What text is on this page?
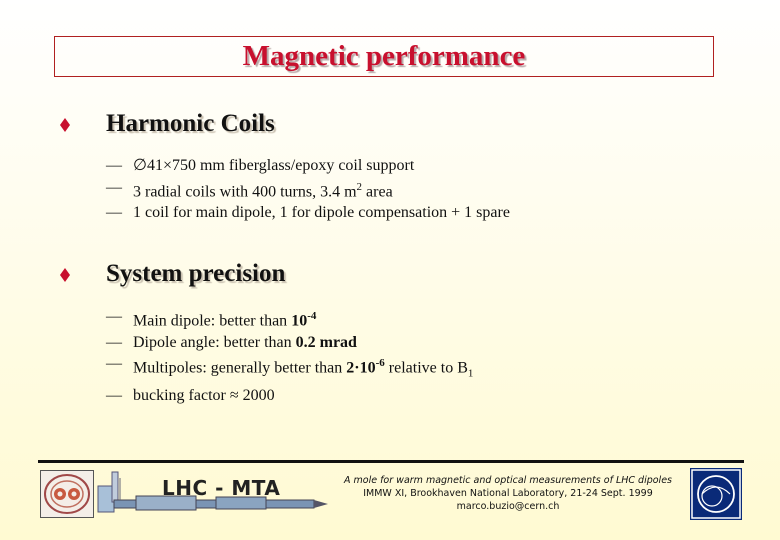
Magnetic performance
Harmonic Coils
— ∅41×750 mm fiberglass/epoxy coil support
— 3 radial coils with 400 turns, 3.4 $m^2$ area
— 1 coil for main dipole, 1 for dipole compensation + 1 spare
System precision
— Main dipole: better than $10^{-4}$
— Dipole angle: better than 0.2 mrad
— Multipoles: generally better than $2\cdot 10^{-6}$ relative to $B_1$
— bucking factor ≈ 2000
LHC - MTA	A mole for warm magnetic and optical measurements of LHC dipoles
IMMW XI, Brookhaven National Laboratory, 21-24 Sept. 1999
marco.buzio@cern.ch
